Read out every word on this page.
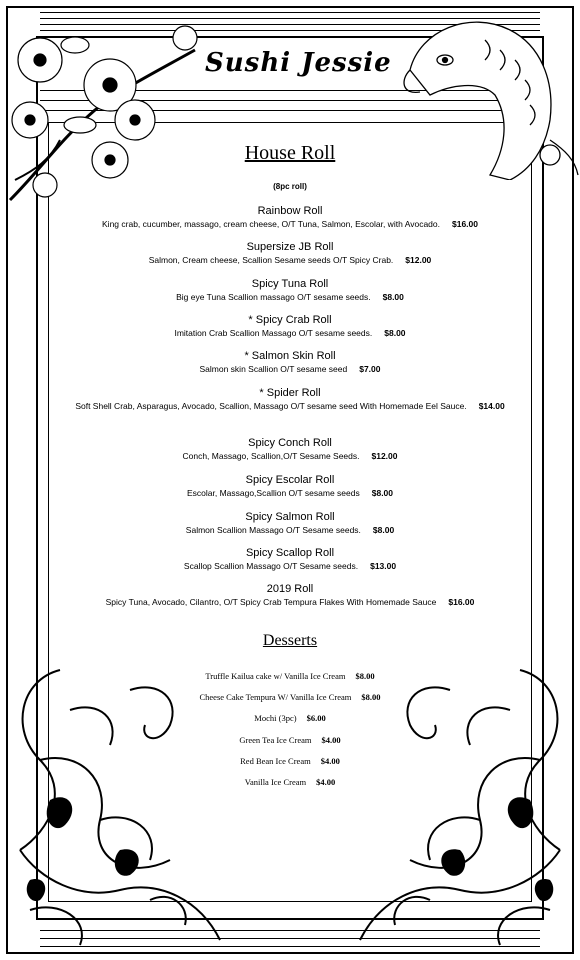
Sushi Jessie
House Roll
(8pc roll)
Rainbow Roll
King crab, cucumber, massago, cream cheese, O/T Tuna, Salmon, Escolar, with Avocado. $16.00
Supersize JB Roll
Salmon, Cream cheese, Scallion Sesame seeds O/T Spicy Crab. $12.00
Spicy Tuna Roll
Big eye Tuna Scallion massago O/T sesame seeds. $8.00
* Spicy Crab Roll
Imitation Crab Scallion Massago O/T sesame seeds. $8.00
* Salmon Skin Roll
Salmon skin Scallion O/T sesame seed $7.00
* Spider Roll
Soft Shell Crab, Asparagus, Avocado, Scallion, Massago O/T sesame seed With Homemade Eel Sauce. $14.00
Spicy Conch Roll
Conch, Massago, Scallion,O/T Sesame Seeds. $12.00
Spicy Escolar Roll
Escolar, Massago,Scallion O/T sesame seeds $8.00
Spicy Salmon Roll
Salmon Scallion Massago O/T Sesame seeds. $8.00
Spicy Scallop Roll
Scallop Scallion Massago O/T Sesame seeds. $13.00
2019 Roll
Spicy Tuna, Avocado, Cilantro, O/T Spicy Crab Tempura Flakes With Homemade Sauce $16.00
Desserts
Truffle Kailua cake w/ Vanilla Ice Cream $8.00
Cheese Cake Tempura W/ Vanilla Ice Cream $8.00
Mochi (3pc) $6.00
Green Tea Ice Cream $4.00
Red Bean Ice Cream $4.00
Vanilla Ice Cream $4.00
